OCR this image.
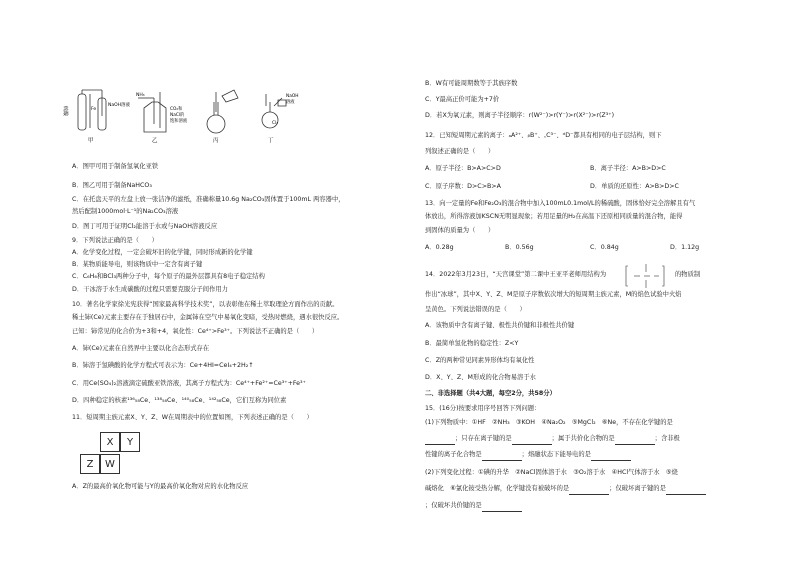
硫酸	Fe
NaOH溶液
甲
NH₃
CO₂和
NaCl的
饱和溶液
乙	丙
NaOH
溶液
Cl₂
丁
A．图甲可用于制备氢氧化亚铁
B．图乙可用于制备NaHCO₃
C．在托盘天平的左盘上放一张洁净的滤纸，准确称量10.6g Na₂CO₃固体置于100mL 两容器中，
然后配制1000mol·L⁻¹的Na₂CO₃溶液
D．图丁可用于证明Cl₂能溶于水或与NaOH溶液反应
9．下列说法正确的是（　　）
A．化学变化过程，一定会破坏旧的化学键，同时形成新的化学键
B．某物质能导电，则该物质中一定含有离子键
C．C₆H₆和BCl₃两种分子中，每个原子的最外层都具有8电子稳定结构
D．干冰溶于水生成碳酸的过程只需要克服分子间作用力
10．著名化学家徐光宪获得“国家最高科学技术奖”，以表彰他在稀土萃取理论方面作出的贡献。
稀土铈(Ce)元素主要存在于独居石中，金属铈在空气中易氧化变暗，受热时燃烧，遇水很快反应。
已知：铈常见的化合价为+3和+4，氧化性：Ce⁴⁺>Fe³⁺。下列说法不正确的是（　　）
A．铈(Ce)元素在自然界中主要以化合态形式存在
B．铈溶于氢碘酸的化学方程式可表示为：Ce+4HI=CeI₄+2H₂↑
C．用Ce(SO₄)₂溶液滴定硫酸亚铁溶液，其离子方程式为：Ce⁴⁺+Fe²⁺=Ce³⁺+Fe³⁺
D．四种稳定的核素¹³⁶₅₈Ce、¹³⁸₅₈Ce、¹⁴⁰₅₈Ce、¹⁴²₅₈Ce，它们互称为同位素
11．短周期主族元素X、Y、Z、W在周期表中的位置如图，下列表述正确的是（　　）
A．Z的最高价氧化物可能与Y的最高价氧化物对应的水化物反应
X	Y
Z	W
B．W有可能周期数等于其族序数
C．Y最高正价可能为+7价
D．若X为氧元素，则离子半径顺序：r(W²⁻)>r(Y⁻)>r(X²⁻)>r(Z³⁺)
12．已知短周期元素的离子：ₐA²⁺、ᵦB⁺、꜀C³⁻、ᵈD⁻都具有相同的电子层结构，则下
列叙述正确的是（　　）
A．原子半径：B>A>C>D	B．离子半径：A>B>D>C
C．原子序数：D>C>B>A	D．单质的还原性：A>B>D>C
13．向一定量的Fe和Fe₂O₃的混合物中加入100mL0.1mol/L的稀硫酸，固体恰好完全溶解且有气
体放出，所得溶液加KSCN无明显现象；若用足量的H₂在高温下还原相同质量的混合物，能得
到固体的质量为（　　）
A．0.28g	B．0.56g	C．0.84g	D．1.12g
14．2022年3月23日，“天宫课堂”第二课中王亚平老师用结构为	的物质制
作出“冰球”，其中X、Y、Z、M是原子序数依次增大的短周期主族元素，M的焰色试验中火焰
呈黄色。下列说法错误的是（　　）
A．该物质中含有离子键、极性共价键和非极性共价键
B．最简单氢化物的稳定性：Z<Y
C．Z的两种常见同素异形体均有氧化性
D．X、Y、Z、M形成的化合物易溶于水
二、非选择题（共4大题，每空2分，共58分）
15．(16分)按要求用序号回答下列问题：
(1)下列物质中：①HF　②NH₃　③KOH　④Na₂O₂　⑤MgCl₂　⑥Ne，不存在化学键的是
；只存在离子键的是	；属于共价化合物的是	；含非极
性键的离子化合物是	；熔融状态下能导电的是
(2)下列变化过程：①碘的升华　②NaCl固体溶于水　③O₂溶于水　④HCl气体溶于水　⑤烧
碱熔化　⑥氯化铵受热分解，化学键没有被破坏的是	；仅破坏离子键的是
；仅破坏共价键的是
